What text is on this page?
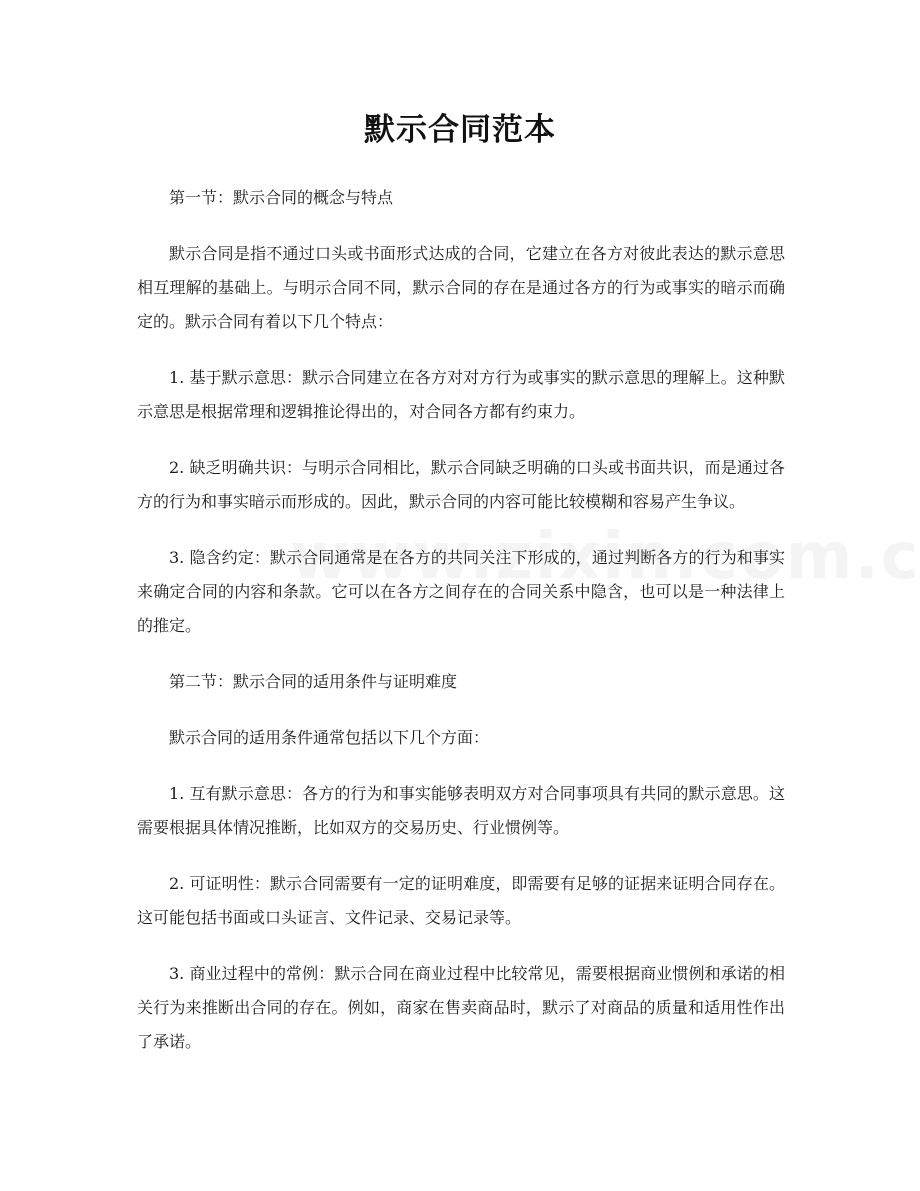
默示合同范本

第一节：默示合同的概念与特点

默示合同是指不通过口头或书面形式达成的合同，它建立在各方对彼此表达的默示意思相互理解的基础上。与明示合同不同，默示合同的存在是通过各方的行为或事实的暗示而确定的。默示合同有着以下几个特点：

1. 基于默示意思：默示合同建立在各方对对方行为或事实的默示意思的理解上。这种默示意思是根据常理和逻辑推论得出的，对合同各方都有约束力。

2. 缺乏明确共识：与明示合同相比，默示合同缺乏明确的口头或书面共识，而是通过各方的行为和事实暗示而形成的。因此，默示合同的内容可能比较模糊和容易产生争议。

3. 隐含约定：默示合同通常是在各方的共同关注下形成的，通过判断各方的行为和事实来确定合同的内容和条款。它可以在各方之间存在的合同关系中隐含，也可以是一种法律上的推定。

第二节：默示合同的适用条件与证明难度

默示合同的适用条件通常包括以下几个方面：

1. 互有默示意思：各方的行为和事实能够表明双方对合同事项具有共同的默示意思。这需要根据具体情况推断，比如双方的交易历史、行业惯例等。

2. 可证明性：默示合同需要有一定的证明难度，即需要有足够的证据来证明合同存在。这可能包括书面或口头证言、文件记录、交易记录等。

3. 商业过程中的常例：默示合同在商业过程中比较常见，需要根据商业惯例和承诺的相关行为来推断出合同的存在。例如，商家在售卖商品时，默示了对商品的质量和适用性作出了承诺。
